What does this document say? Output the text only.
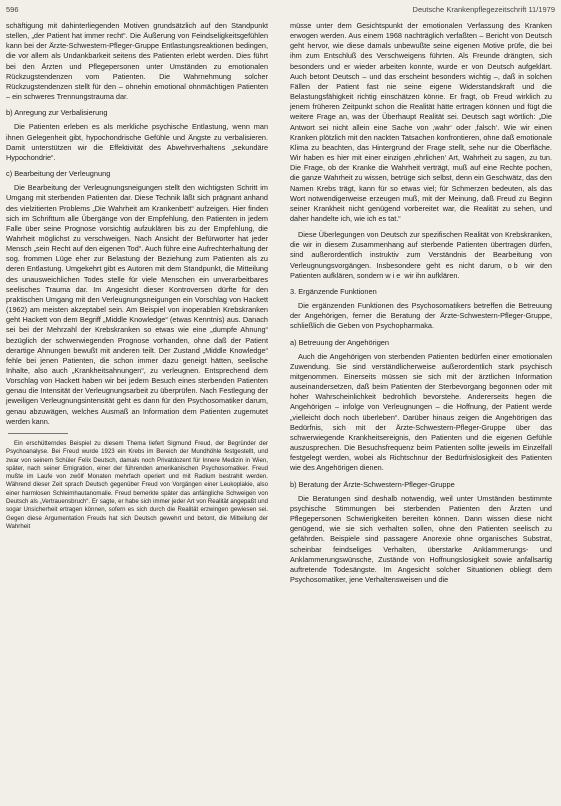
596	Deutsche Krankenpflegezeitschrift 11/1979

schäftigung mit dahinterliegenden Motiven grundsätzlich auf den Standpunkt stellen, „der Patient hat immer recht“. Die Äußerung von Feindseligkeitsgefühlen kann bei der Ärzte-Schwestern-Pfleger-Gruppe Entlastungsreaktionen bedingen, die vor allem als Undankbarkeit seitens des Patienten erlebt werden. Dies führt bei den Ärzten und Pflegepersonen unter Umständen zu emotionalen Rückzugstendenzen vom Patienten. Die Wahrnehmung solcher Rückzugstendenzen stellt für den – ohnehin emotional ohnmächtigen Patienten – ein schweres Trennungstrauma dar.

b) Anregung zur Verbalisierung

Die Patienten erleben es als merkliche psychische Entlastung, wenn man ihnen Gelegenheit gibt, hypochondrische Gefühle und Ängste zu verbalisieren. Damit unterstützen wir die Effektivität des Abwehrverhaltens „sekundäre Hypochondrie“.

c) Bearbeitung der Verleugnung

Die Bearbeitung der Verleugnungsneigungen stellt den wichtigsten Schritt im Umgang mit sterbenden Patienten dar. Diese Technik läßt sich prägnant anhand des vielzitierten Problems „Die Wahrheit am Krankenbett“ aufzeigen. Hier finden sich im Schrifttum alle Übergänge von der Empfehlung, den Patienten in jedem Falle über seine Prognose vorsichtig aufzuklären bis zu der Empfehlung, die Wahrheit möglichst zu verschweigen. Nach Ansicht der Befürworter hat jeder Mensch „sein Recht auf den eigenen Tod“. Auch führe eine Aufrechterhaltung der sog. frommen Lüge eher zur Belastung der Beziehung zum Patienten als zu deren Entlastung. Umgekehrt gibt es Autoren mit dem Standpunkt, die Mitteilung des unausweichlichen Todes stelle für viele Menschen ein unverarbeitbares seelisches Trauma dar. Im Angesicht dieser Kontroversen dürfte für den praktischen Umgang mit den Verleugnungsneigungen ein Vorschlag von Hackett (1962) am meisten akzeptabel sein. Am Beispiel von inoperablen Krebskranken geht Hackett von dem Begriff „Middle Knowledge“ (etwas Kenntnis) aus. Danach sei bei der Mehrzahl der Krebskranken so etwas wie eine „dumpfe Ahnung“ bezüglich der schwerwiegenden Prognose vorhanden, ohne daß der Patient derartige Ahnungen bewußt mit anderen teilt. Der Zustand „Middle Knowledge“ fehle bei jenen Patienten, die schon immer dazu geneigt hätten, seelische Inhalte, also auch „Krankheitsahnungen“, zu verleugnen. Entsprechend dem Vorschlag von Hackett haben wir bei jedem Besuch eines sterbenden Patienten genau die Intensität der Verleugnungsarbeit zu überprüfen. Nach Festlegung der jeweiligen Verleugnungsintensität geht es dann für den Psychosomatiker darum, genau abzuwägen, welches Ausmaß an Information dem Patienten zugemutet werden kann.

Ein erschütterndes Beispiel zu diesem Thema liefert Sigmund Freud, der Begründer der Psychoanalyse. Bei Freud wurde 1923 ein Krebs im Bereich der Mundhöhle festgestellt, und zwar von seinem Schüler Felix Deutsch, damals noch Privatdozent für Innere Medizin in Wien, später, nach seiner Emigration, einer der führenden amerikanischen Psychosomatiker. Freud mußte im Laufe von zwölf Monaten mehrfach operiert und mit Radium bestrahlt werden. Während dieser Zeit sprach Deutsch gegenüber Freud von Vorgängen einer Leukoplakie, also einer harmlosen Schleimhautanomalie. Freud bemerkte später das anfängliche Schweigen von Deutsch als „Vertrauensbruch“. Er sagte, er habe sich immer jeder Art von Realität angepaßt und sogar Unsicherheit ertragen können, sofern es sich durch die Realität erzwingen gewiesen sei. Gegen diese Argumentation Freuds hat sich Deutsch gewehrt und betont, die Mitteilung der Wahrheit

müsse unter dem Gesichtspunkt der emotionalen Verfassung des Kranken erwogen werden. Aus einem 1968 nachträglich verfaßten – Bericht von Deutsch geht hervor, wie diese damals unbewußte seine eigenen Motive prüfe, die bei ihm zum Entschluß des Verschweigens führten. Als Freunde drängten, sich besonders und er wieder arbeiten konnte, wurde er von Deutsch aufgeklärt. Auch betont Deutsch – und das erscheint besonders wichtig –, daß in solchen Fällen der Patient fast nie seine eigene Widerstandskraft und die Belastungsfähigkeit richtig einschätzen könne. Er fragt, ob Freud wirklich zu jenem früheren Zeitpunkt schon die Realität hätte ertragen können und fügt die weitere Frage an, was der Überhaupt Realität sei. Deutsch sagt wörtlich: „Die Antwort sei nicht allein eine Sache von ‚wahr‘ oder ‚falsch‘. Wie wir einen Kranken plötzlich mit den nackten Tatsachen konfrontieren, ohne daß emotionale Klima zu beachten, das Hintergrund der Frage stellt, sehe nur die Oberfläche. Wir haben es hier mit einer einzigen ‚ehrlichen‘ Art, Wahrheit zu sagen, zu tun. Die Frage, ob der Kranke die Wahrheit verträgt, muß auf eine Rechte pochen, die ganze Wahrheit zu wissen, betrüge sich selbst, denn ein Geschwätz, das den Namen Krebs trägt, kann für so etwas viel; für Schmerzen bedeuten, als das Wort notwendigerweise erzeugen muß, mit der Meinung, daß Freud zu Beginn seiner Krankheit nicht genügend vorbereitet war, die Realität zu sehen, und daher handelte ich, wie ich es tat.“

Diese Überlegungen von Deutsch zur spezifischen Realität von Krebskranken, die wir in diesem Zusammenhang auf sterbende Patienten übertragen dürfen, sind außerordentlich instruktiv zum Verständnis der Bearbeitung von Verleugnungsvorgängen. Insbesondere geht es nicht darum, ob wir den Patienten aufklären, sondern wie wir ihn aufklären.

3. Ergänzende Funktionen

Die ergänzenden Funktionen des Psychosomatikers betreffen die Betreuung der Angehörigen, ferner die Beratung der Ärzte-Schwestern-Pfleger-Gruppe, schließlich die Geben von Psychopharmaka.

a) Betreuung der Angehörigen

Auch die Angehörigen von sterbenden Patienten bedürfen einer emotionalen Zuwendung. Sie sind verständlicherweise außerordentlich stark psychisch mitgenommen. Einerseits müssen sie sich mit der ärztlichen Information auseinandersetzen, daß beim Patienten der Sterbevorgang begonnen oder mit hoher Wahrscheinlichkeit bedrohlich bevorstehe. Andererseits hegen die Angehörigen – infolge von Verleugnungen – die Hoffnung, der Patient werde „vielleicht doch noch überleben“. Darüber hinaus zeigen die Angehörigen das Bedürfnis, sich mit der Ärzte-Schwestern-Pfleger-Gruppe über das schwerwiegende Krankheitsereignis, den Patienten und die eigenen Gefühle auszusprechen. Die Besuchsfrequenz beim Patienten sollte jeweils im Einzelfall festgelegt werden, wobei als Richtschnur der Bedürfnislosigkeit des Patienten wie des Angehörigen dienen.

b) Beratung der Ärzte-Schwestern-Pfleger-Gruppe

Die Beratungen sind deshalb notwendig, weil unter Umständen bestimmte psychische Stimmungen bei sterbenden Patienten den Ärzten und Pflegepersonen Schwierigkeiten bereiten können. Dann wissen diese nicht genügend, wie sie sich verhalten sollen, ohne den Patienten seelisch zu gefährden. Beispiele sind passagere Anorexie ohne organisches Substrat, scheinbar feindseliges Verhalten, überstarke Anklammerungs- und Anklammerungswünsche, Zustände von Hoffnungslosigkeit sowie anfallsartig auftretende Todesängste. Im Angesicht solcher Situationen obliegt dem Psychosomatiker, jene Verhaltensweisen und die
